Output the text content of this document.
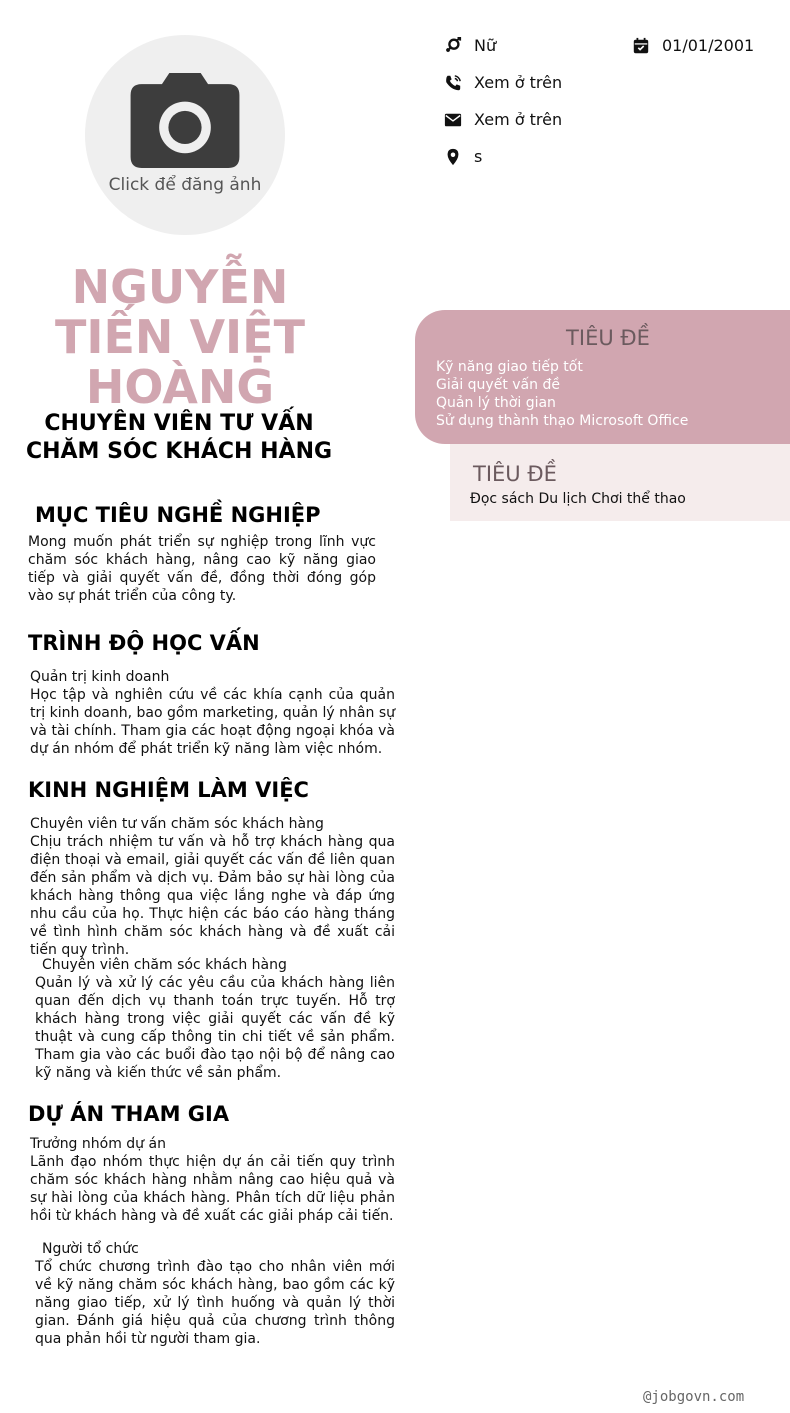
Click để đăng ảnh
NGUYỄN
TIẾN VIỆT
HOÀNG
CHUYÊN VIÊN TƯ VẤN
CHĂM SÓC KHÁCH HÀNG
Nữ	01/01/2001
Xem ở trên
Xem ở trên
s
TIÊU ĐỀ
Kỹ năng giao tiếp tốt
Giải quyết vấn đề
Quản lý thời gian
Sử dụng thành thạo Microsoft Office
TIÊU ĐỀ
Đọc sách Du lịch Chơi thể thao
MỤC TIÊU NGHỀ NGHIỆP
Mong muốn phát triển sự nghiệp trong lĩnh vực chăm sóc khách hàng, nâng cao kỹ năng giao tiếp và giải quyết vấn đề, đồng thời đóng góp vào sự phát triển của công ty.
TRÌNH ĐỘ HỌC VẤN
Quản trị kinh doanh
Học tập và nghiên cứu về các khía cạnh của quản trị kinh doanh, bao gồm marketing, quản lý nhân sự và tài chính. Tham gia các hoạt động ngoại khóa và dự án nhóm để phát triển kỹ năng làm việc nhóm.
KINH NGHIỆM LÀM VIỆC
Chuyên viên tư vấn chăm sóc khách hàng
Chịu trách nhiệm tư vấn và hỗ trợ khách hàng qua điện thoại và email, giải quyết các vấn đề liên quan đến sản phẩm và dịch vụ. Đảm bảo sự hài lòng của khách hàng thông qua việc lắng nghe và đáp ứng nhu cầu của họ. Thực hiện các báo cáo hàng tháng về tình hình chăm sóc khách hàng và đề xuất cải tiến quy trình.
Chuyên viên chăm sóc khách hàng
Quản lý và xử lý các yêu cầu của khách hàng liên quan đến dịch vụ thanh toán trực tuyến. Hỗ trợ khách hàng trong việc giải quyết các vấn đề kỹ thuật và cung cấp thông tin chi tiết về sản phẩm. Tham gia vào các buổi đào tạo nội bộ để nâng cao kỹ năng và kiến thức về sản phẩm.
DỰ ÁN THAM GIA
Trưởng nhóm dự án
Lãnh đạo nhóm thực hiện dự án cải tiến quy trình chăm sóc khách hàng nhằm nâng cao hiệu quả và sự hài lòng của khách hàng. Phân tích dữ liệu phản hồi từ khách hàng và đề xuất các giải pháp cải tiến.
Người tổ chức
Tổ chức chương trình đào tạo cho nhân viên mới về kỹ năng chăm sóc khách hàng, bao gồm các kỹ năng giao tiếp, xử lý tình huống và quản lý thời gian. Đánh giá hiệu quả của chương trình thông qua phản hồi từ người tham gia.
@jobgovn.com
